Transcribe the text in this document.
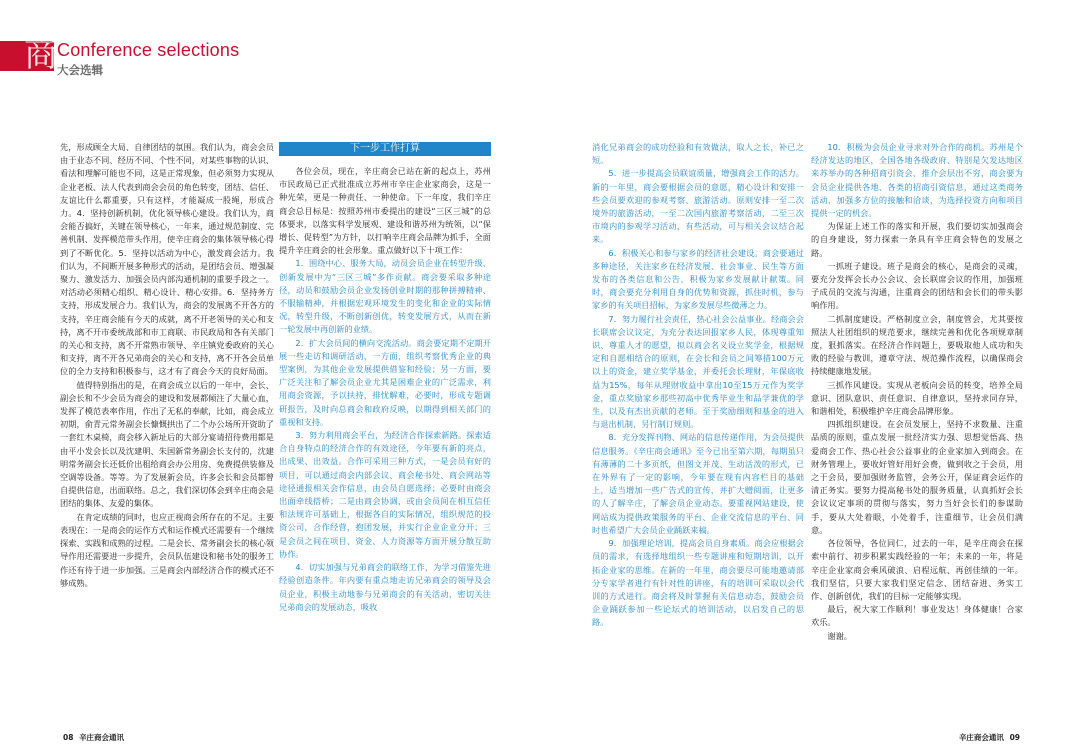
商 Conference selections
大会选辑

先，形成顾全大局、自律团结的氛围。我们认为，商会会员由于业态不同、经历不同、个性不同，对某些事物的认识、看法和理解可能也不同，这是正常现象，但必须努力实现从企业老板、法人代表到商会会员的角色转变，团结、信任、友谊比什么都重要，只有这样，才能凝成一股绳，形成合力。4．坚持创新机制，优化领导核心建设。我们认为，商会能否搞好，关键在领导核心，一年来，通过规范制度、完善机制、发挥模范带头作用，使辛庄商会的集体领导核心得到了不断优化。5．坚持以活动为中心，激发商会活力。我们认为，不间断开展多种形式的活动，是团结会员、增强凝聚力、激发活力、加强会员内部沟通机制的重要手段之一。对活动必须精心组织、精心设计、精心安排。6．坚持务方支持，形成发展合力。我们认为，商会的发展离不开各方的支持，辛庄商会能有今天的成就，离不开老领导的关心和支持，离不开市委统战部和市工商联、市民政局和各有关部门的关心和支持，离不开常熟市领导、辛庄镇党委政府的关心和支持，离不开各兄弟商会的关心和支持，离不开各会员单位的全力支持和积极参与，这才有了商会今天的良好局面。

值得特别指出的是，在商会成立以后的一年中，会长、副会长和不少会员为商会的建设和发展都倾注了大量心血，发挥了模范表率作用，作出了无私的奉献，比如，商会成立初期，俞青元常务副会长慷慨拱出了二个办公场所开资助了一套红木桌椅，商会移入新址后的大部分宴请招待费用都是由平小发会长以及沈建明、朱国新常务副会长支付的，沈建明常务副会长还低价出租给商会办公用房、免费提供装修及空调等设备。等等。为了发展新会员，许多会长和会员都曾自提供信息，出面联络。总之，我们深切体会到辛庄商会是团结的集体、友爱的集体。

在肯定成绩的同时，也应正视商会所存在的不足。主要表现在：一是商会的运作方式和运作模式还需要有一个继续探索、实践和成熟的过程。二是会长、常务副会长的核心领导作用还需要进一步提升，会员队伍建设和秘书处的服务工作还有待于进一步加强。三是商会内部经济合作的模式还不够成熟。

下一步工作打算

各位会员，现在，辛庄商会已站在新的起点上，苏州市民政局已正式批准成立苏州市辛庄企业家商会，这是一种光荣，更是一种责任、一种使命。下一年度，我们辛庄商会总目标是：按照苏州市委提出的建设“三区三城”的总体要求，以落实科学发展观、建设和谐苏州为统领，以“保增长、促转型”为方针，以打响辛庄商会品牌为抓手，全面提升辛庄商会的社会形象。重点做好以下十项工作：

1．围绕中心、服务大局，动员会员企业在转型升级、创新发展中为“三区三城”多作贡献。商会要采取多种途径，动员和鼓励会员企业发扬创业时期的那种拼搏精神、不服输精神，并根据宏观环境发生的变化和企业的实际情况，转型升级，不断创新创优，转变发展方式，从而在新一轮发展中再创新的业绩。

2．扩大会员间的横向交流活动。商会要定期不定期开展一些走访和调研活动，一方面，组织考察优秀企业的典型案例，为其他企业发展提供借鉴和经验；另一方面，要广泛关注和了解会员企业尤其是困难企业的广泛需求，利用商会资源，予以扶持，排忧解难，必要时，形成专题调研报告，及时向总商会和政府反映，以期得到相关部门的重视和支持。

3．努力利用商会平台，为经济合作探索新路。探索适合自身特点的经济合作的有效途径，今年要有新的亮点，出成果、出效益。合作可采用三种方式，一是会员有好的项目，可以通过商会内部会议、商会秘书处、商会网站等途径通报相关会作信息，由会员自愿选择；必要时由商会出面牵线搭桥；二是由商会协调，或由会员间在相互信任和法规许可基础上，根据各自的实际情况，组织规范的投资公司，合作经营，抱团发展，并实行企业企业分开；三是会员之间在项目、资金、人力资源等方面开展分散互助协作。

4．切实加强与兄弟商会的联络工作，为学习借鉴先进经验创造条件。年内要有重点地走访兄弟商会的领导及会员企业，积极主动地参与兄弟商会的有关活动，密切关注兄弟商会的发展动态，吸收

消化兄弟商会的成功经验和有效做法，取人之长，补已之短。

5．进一步提高会员联谊质量，增强商会工作的活力。新的一年里，商会要根据会员的意愿，精心设计和安排一些会员要欢迎的参观考察、旅游活动。原则安排一至二次境外的旅游活动，一至二次国内旅游考察活动，二至三次市境内的参观学习活动，有些活动，可与相关会议结合起来。

6．积极关心和参与家乡的经济社会建设。商会要通过多种途径，关注家乡在经济发展、社会事业、民生等方面发布的各类信息和公告，积极为家乡发展献计献策。同时，商会要充分利用自身的优势和资源，抓住时机，参与家乡的有关项目招标，为家乡发展尽些微薄之力。

7．努力履行社会责任，热心社会公益事业。经商会会长联席会议议定，为充分表达回报家乡人民，体现尊重知识、尊重人才的愿望，拟以商会名义设立奖学金，根据规定和自愿相结合的原则，在会长和会员之间筹措100万元以上的资金，建立奖学基金，并委托会长理财，年保底收益为15%，每年从理财收益中拿出10至15万元作为奖学金，重点奖励家乡那些初高中优秀毕业生和品学兼优的学生，以及有杰出贡献的老师。至于奖励细则和基金的进入与退出机制，另行制订规则。

8．充分发挥刊物、网站的信息传递作用，为会员提供信息服务。《辛庄商会通讯》至今已出至第六期，每期虽只有薄薄的二十多页纸，但图文并茂、生动活泼的形式，已在外界有了一定的影响，今年要在现有内容栏目的基础上，适当增加一些广告式的宣传，并扩大赠阅面，让更多的人了解辛庄，了解会员企业动态。要重视网站建设，使网站成为提供政策服务的平台、企业交流信息的平台、同时也希望广大会员企业踊跃来稿。

9．加强理论培训，提高会员自身素质。商会应根据会员的需求，有选择地组织一些专题讲座和短期培训，以开拓企业家的思维。在新的一年里，商会要尽可能地邀请部分专家学者进行有针对性的讲座，有的培训可采取以会代训的方式进行。商会将及时掌握有关信息动态，鼓励会员企业踊跃参加一些论坛式的培训活动，以启发自己的思路。

10．积极为会员企业寻求对外合作的商机。苏州是个经济发达的地区，全国各地各级政府、特别是欠发达地区来苏举办的各种招商引资会、推介会层出不穷，商会要为会员企业提供各地、各类的招商引资信息，通过这类商务活动，加强多方位的接触和洽谈，为选择投资方向和项目提供一定的机会。

为保证上述工作的落实和开展，我们要切实加强商会的自身建设，努力探索一条具有辛庄商会特色的发展之路。

一抓班子建设。班子是商会的核心，是商会的灵魂，要充分发挥会长办公会议、会长联席会议的作用，加强班子成员的交流与沟通，注重商会的团结和会长们的带头影响作用。

二抓制度建设。严格制度立会，制度管会，尤其要按照法人社团组织的规范要求，继续完善和优化各项规章制度，狠抓落实。在经济合作问题上，要吸取他人成功和失败的经验与教训，遵章守法、规范操作流程，以确保商会持续健康地发展。

三抓作风建设。实现从老板向会员的转变，培养全局意识、团队意识、责任意识、自律意识，坚持求同存异，和谐相处，积极维护辛庄商会品牌形象。

四抓组织建设。在会员发展上，坚持不求数量、注重品质的原则，重点发展一批经济实力强、思想觉悟高、热爱商会工作、热心社会公益事业的企业家加入到商会。在财务管理上，要收好管好用好会费，做到收之于会员，用之于会员，要加强财务监管，会务公开，保证商会运作的清正务实。要努力提高秘书处的服务质量，认真抓好会长会议议定事项的贯彻与落实，努力当好会长们的参谋助手，要从大处着眼，小处着手，注重细节，让会员们满意。

各位领导，各位同仁，过去的一年，是辛庄商会在探索中前行、初步积累实践经验的一年；未来的一年，将是辛庄企业家商会乘风破浪、启程远航、再创佳绩的一年。我们坚信，只要大家我们坚定信念、团结奋进、务实工作、创新创优，我们的目标一定能够实现。

最后，祝大家工作顺利！事业发达！身体健康！合家欢乐。

谢谢。

08 辛庄商会通讯	辛庄商会通讯 09
